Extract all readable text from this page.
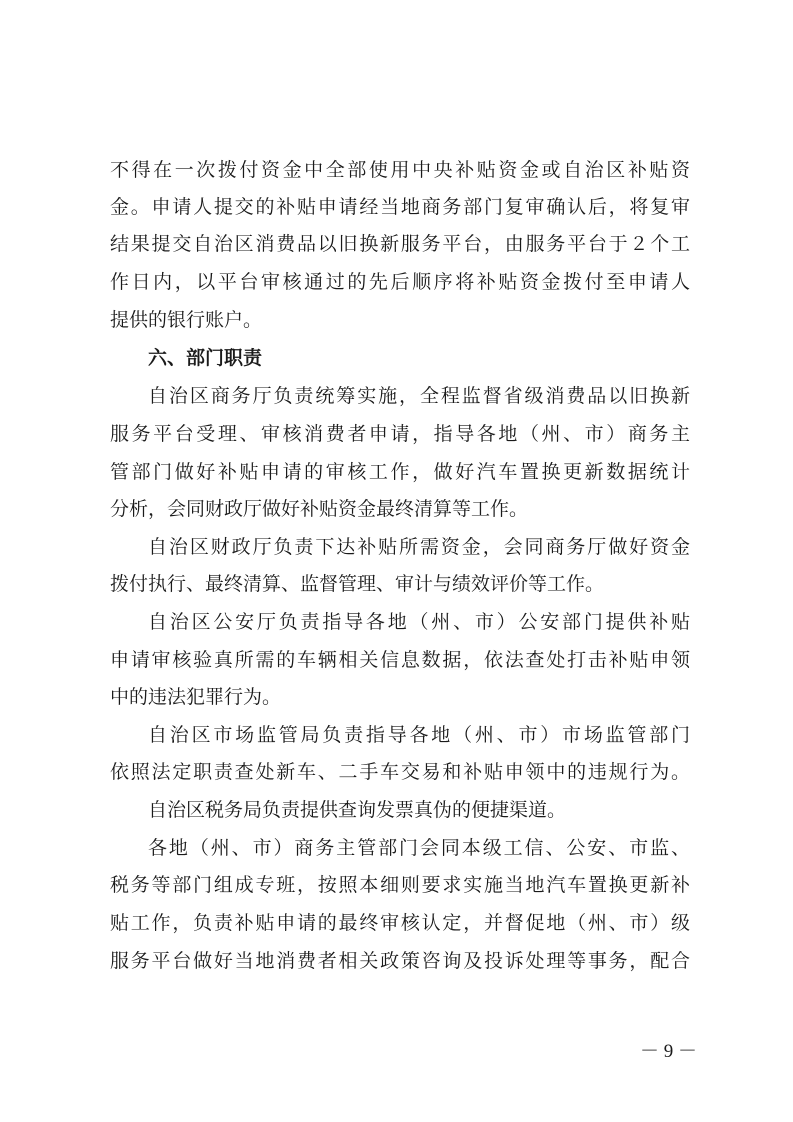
不得在一次拨付资金中全部使用中央补贴资金或自治区补贴资
金。申请人提交的补贴申请经当地商务部门复审确认后，将复审
结果提交自治区消费品以旧换新服务平台，由服务平台于２个工
作日内，以平台审核通过的先后顺序将补贴资金拨付至申请人
提供的银行账户。
六、部门职责
自治区商务厅负责统筹实施，全程监督省级消费品以旧换新
服务平台受理、审核消费者申请，指导各地（州、市）商务主
管部门做好补贴申请的审核工作，做好汽车置换更新数据统计
分析，会同财政厅做好补贴资金最终清算等工作。
自治区财政厅负责下达补贴所需资金，会同商务厅做好资金
拨付执行、最终清算、监督管理、审计与绩效评价等工作。
自治区公安厅负责指导各地（州、市）公安部门提供补贴
申请审核验真所需的车辆相关信息数据，依法查处打击补贴申领
中的违法犯罪行为。
自治区市场监管局负责指导各地（州、市）市场监管部门
依照法定职责查处新车、二手车交易和补贴申领中的违规行为。
自治区税务局负责提供查询发票真伪的便捷渠道。
各地（州、市）商务主管部门会同本级工信、公安、市监、
税务等部门组成专班，按照本细则要求实施当地汽车置换更新补
贴工作，负责补贴申请的最终审核认定，并督促地（州、市）级
服务平台做好当地消费者相关政策咨询及投诉处理等事务，配合
－ 9 －
